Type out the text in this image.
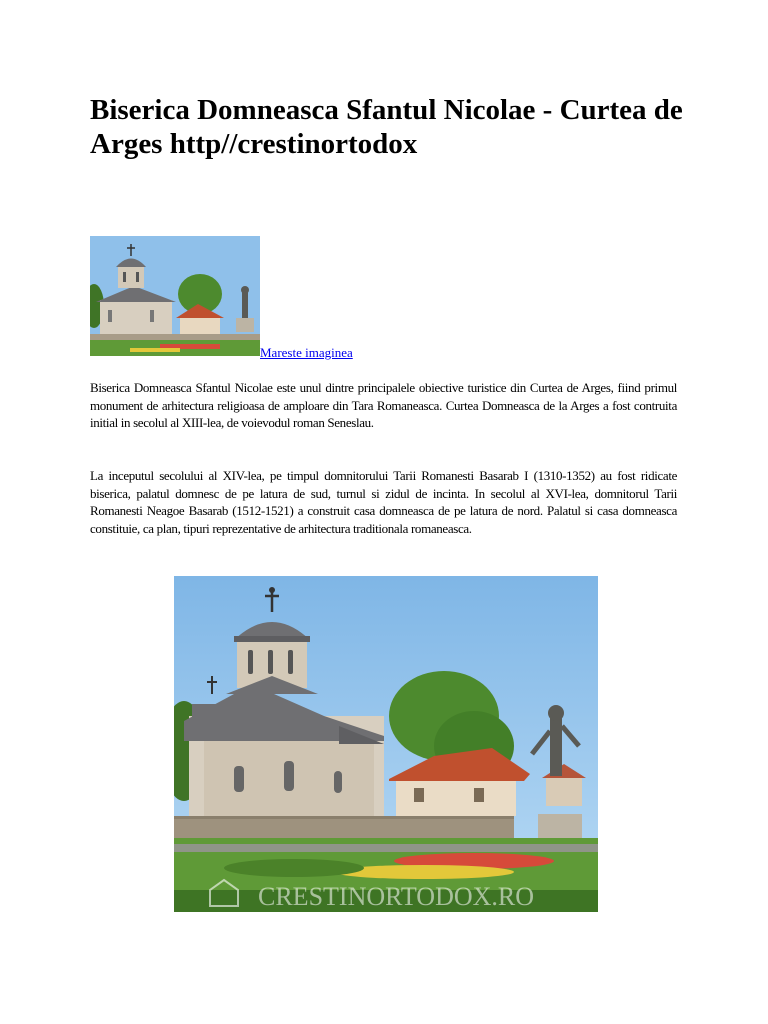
Biserica Domneasca Sfantul Nicolae - Curtea de Arges http//crestinortodox
Mareste imaginea

Biserica Domneasca Sfantul Nicolae este unul dintre principalele obiective turistice din Curtea de Arges, fiind primul monument de arhitectura religioasa de amploare din Tara Romaneasca. Curtea Domneasca de la Arges a fost contruita initial in secolul al XIII-lea, de voievodul roman Seneslau.

La inceputul secolului al XIV-lea, pe timpul domnitorului Tarii Romanesti Basarab I (1310-1352) au fost ridicate biserica, palatul domnesc de pe latura de sud, turnul si zidul de incinta. In secolul al XVI-lea, domnitorul Tarii Romanesti Neagoe Basarab (1512-1521) a construit casa domneasca de pe latura de nord. Palatul si casa domneasca constituie, ca plan, tipuri reprezentative de arhitectura traditionala romaneasca.

CRESTINORTODOX.RO
